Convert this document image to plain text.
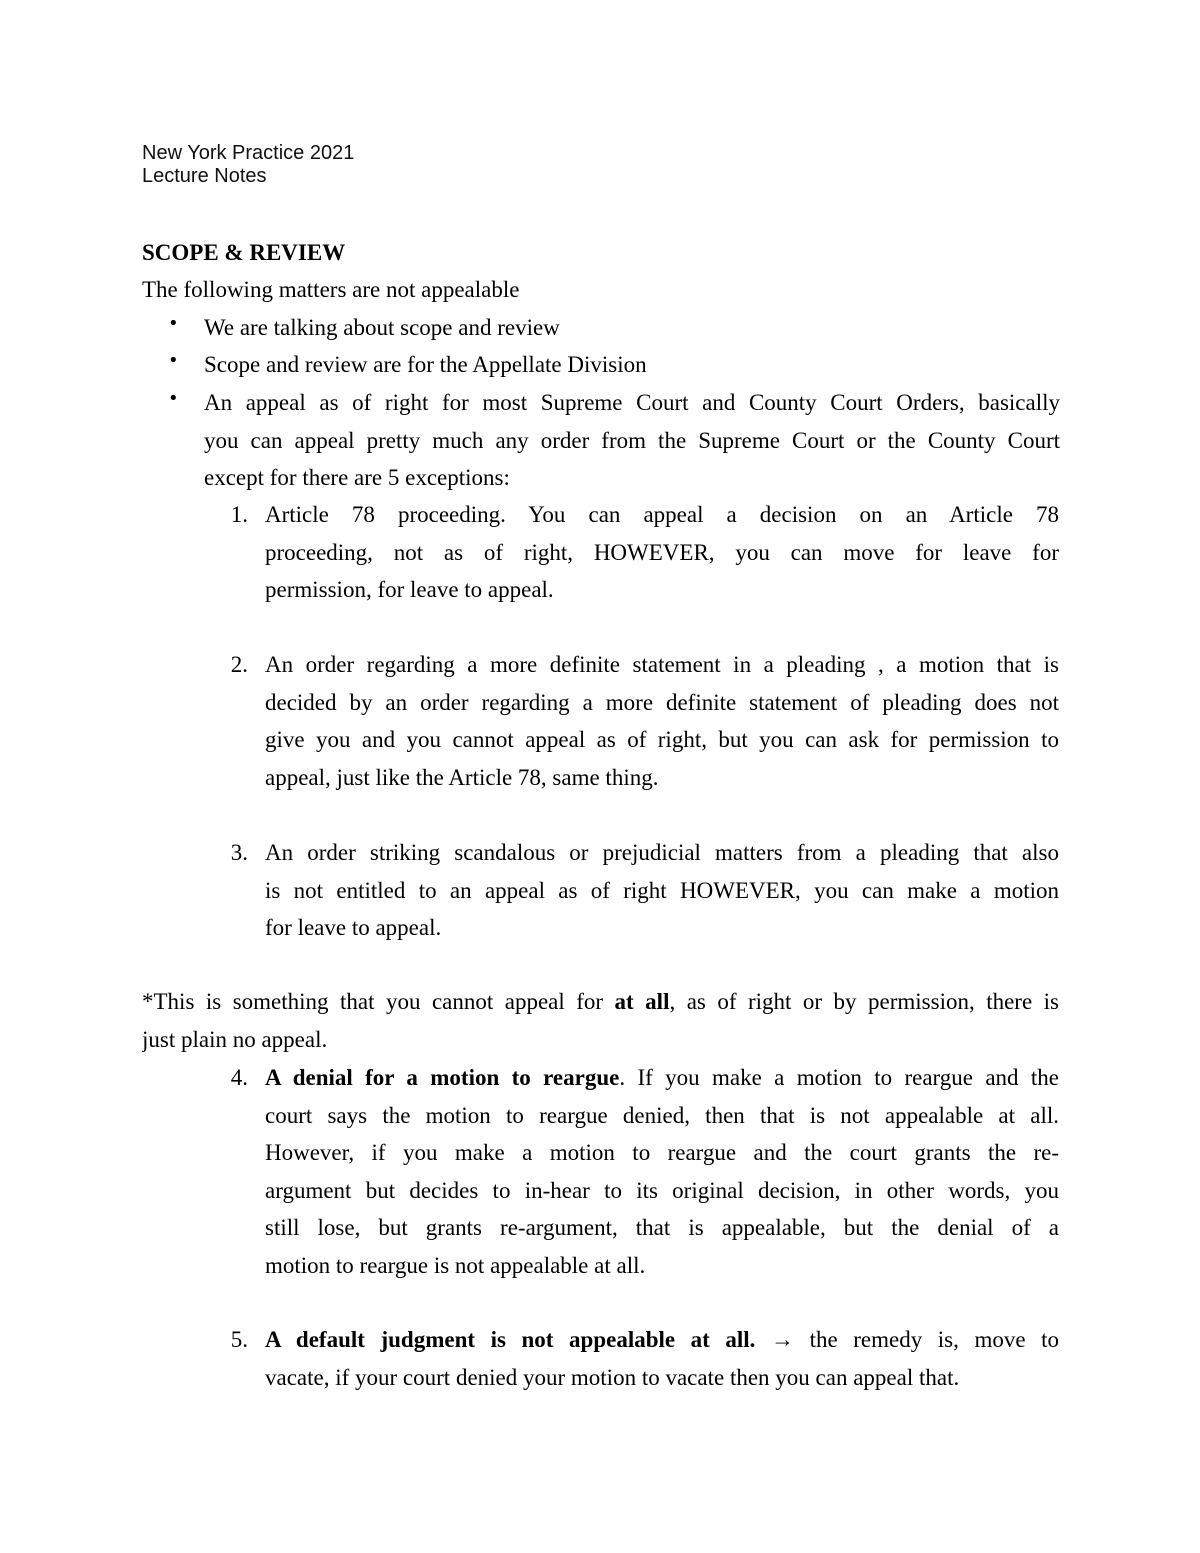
New York Practice 2021
Lecture Notes
SCOPE & REVIEW
The following matters are not appealable
• We are talking about scope and review
• Scope and review are for the Appellate Division
• An appeal as of right for most Supreme Court and County Court Orders, basically
you can appeal pretty much any order from the Supreme Court or the County Court
except for there are 5 exceptions:
1. Article 78 proceeding. You can appeal a decision on an Article 78
proceeding, not as of right, HOWEVER, you can move for leave for
permission, for leave to appeal.
2. An order regarding a more definite statement in a pleading , a motion that is
decided by an order regarding a more definite statement of pleading does not
give you and you cannot appeal as of right, but you can ask for permission to
appeal, just like the Article 78, same thing.
3. An order striking scandalous or prejudicial matters from a pleading that also
is not entitled to an appeal as of right HOWEVER, you can make a motion
for leave to appeal.
*This is something that you cannot appeal for at all, as of right or by permission, there is
just plain no appeal.
4. A denial for a motion to reargue. If you make a motion to reargue and the
court says the motion to reargue denied, then that is not appealable at all.
However, if you make a motion to reargue and the court grants the re-
argument but decides to in-hear to its original decision, in other words, you
still lose, but grants re-argument, that is appealable, but the denial of a
motion to reargue is not appealable at all.
5. A default judgment is not appealable at all. → the remedy is, move to
vacate, if your court denied your motion to vacate then you can appeal that.
